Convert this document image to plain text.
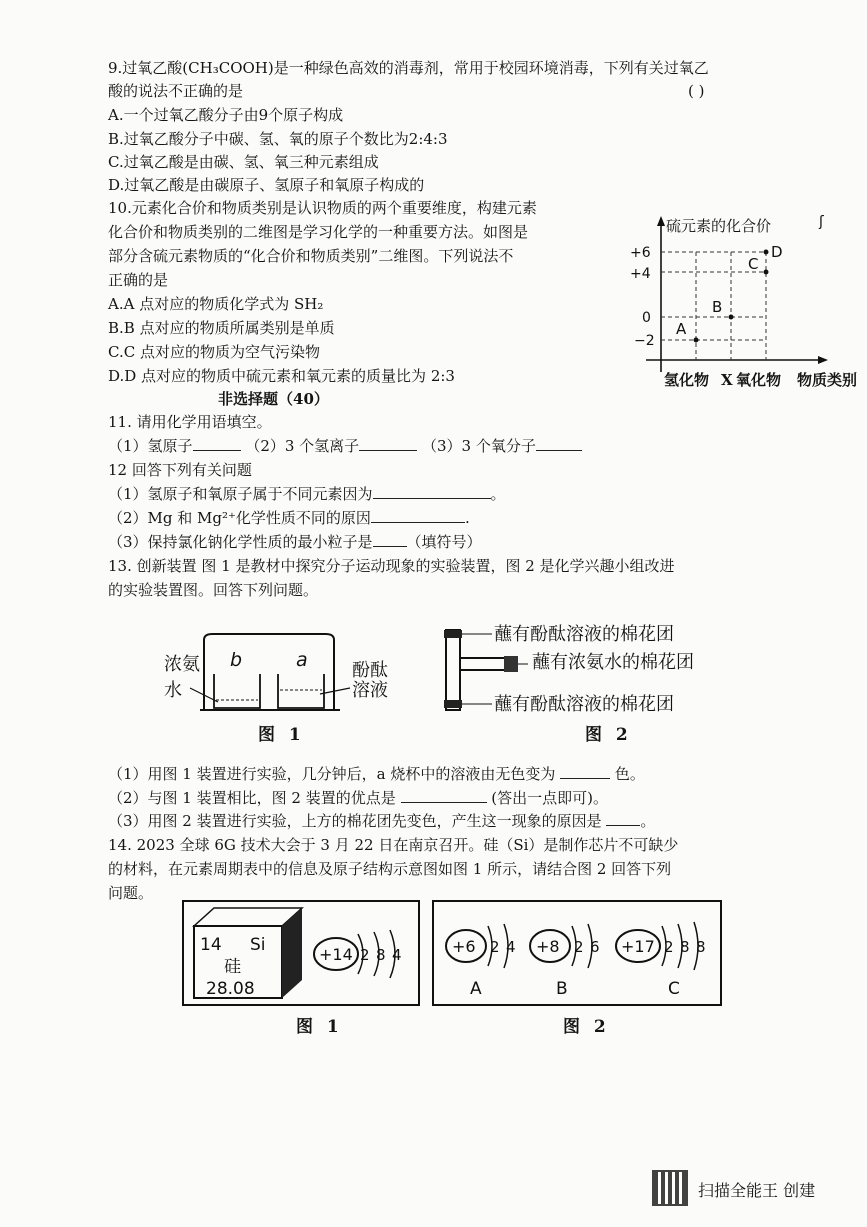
9.过氧乙酸(CH₃COOH)是一种绿色高效的消毒剂，常用于校园环境消毒，下列有关过氧乙
酸的说法不正确的是	( )
A.一个过氧乙酸分子由9个原子构成
B.过氧乙酸分子中碳、氢、氧的原子个数比为2:4:3
C.过氧乙酸是由碳、氢、氧三种元素组成
D.过氧乙酸是由碳原子、氢原子和氧原子构成的
10.元素化合价和物质类别是认识物质的两个重要维度，构建元素
化合价和物质类别的二维图是学习化学的一种重要方法。如图是
部分含硫元素物质的“化合价和物质类别”二维图。下列说法不
正确的是
A.A 点对应的物质化学式为 SH₂
B.B 点对应的物质所属类别是单质
C.C 点对应的物质为空气污染物
D.D 点对应的物质中硫元素和氧元素的质量比为 2:3
硫元素的化合价	ʃ
+6
+4
0
−2
A
B
C
D
氢化物 X 氧化物 物质类别
非选择题（40）
11. 请用化学用语填空。
（1）氢原子	（2）3 个氢离子	（3）3 个氧分子
12 回答下列有关问题
（1）氢原子和氧原子属于不同元素因为	。
（2）Mg 和 Mg²⁺化学性质不同的原因	.
（3）保持氯化钠化学性质的最小粒子是 （填符号）
13. 创新装置 图 1 是教材中探究分子运动现象的实验装置，图 2 是化学兴趣小组改进
的实验装置图。回答下列问题。
b	a
浓氨
水
酚酞
溶液
图 1
蘸有酚酞溶液的棉花团
蘸有浓氨水的棉花团
蘸有酚酞溶液的棉花团
图 2
（1）用图 1 装置进行实验，几分钟后，a 烧杯中的溶液由无色变为	色。
（2）与图 1 装置相比，图 2 装置的优点是	(答出一点即可)。
（3）用图 2 装置进行实验，上方的棉花团先变色，产生这一现象的原因是	。
14. 2023 全球 6G 技术大会于 3 月 22 日在南京召开。硅（Si）是制作芯片不可缺少
的材料，在元素周期表中的信息及原子结构示意图如图 1 所示，请结合图 2 回答下列
问题。
14 Si
硅
28.08
+14 2 8 4
图 1
+6 2 4
A
+8 2 6
B
+17 2 8 8
C
图 2
扫描全能王 创建
